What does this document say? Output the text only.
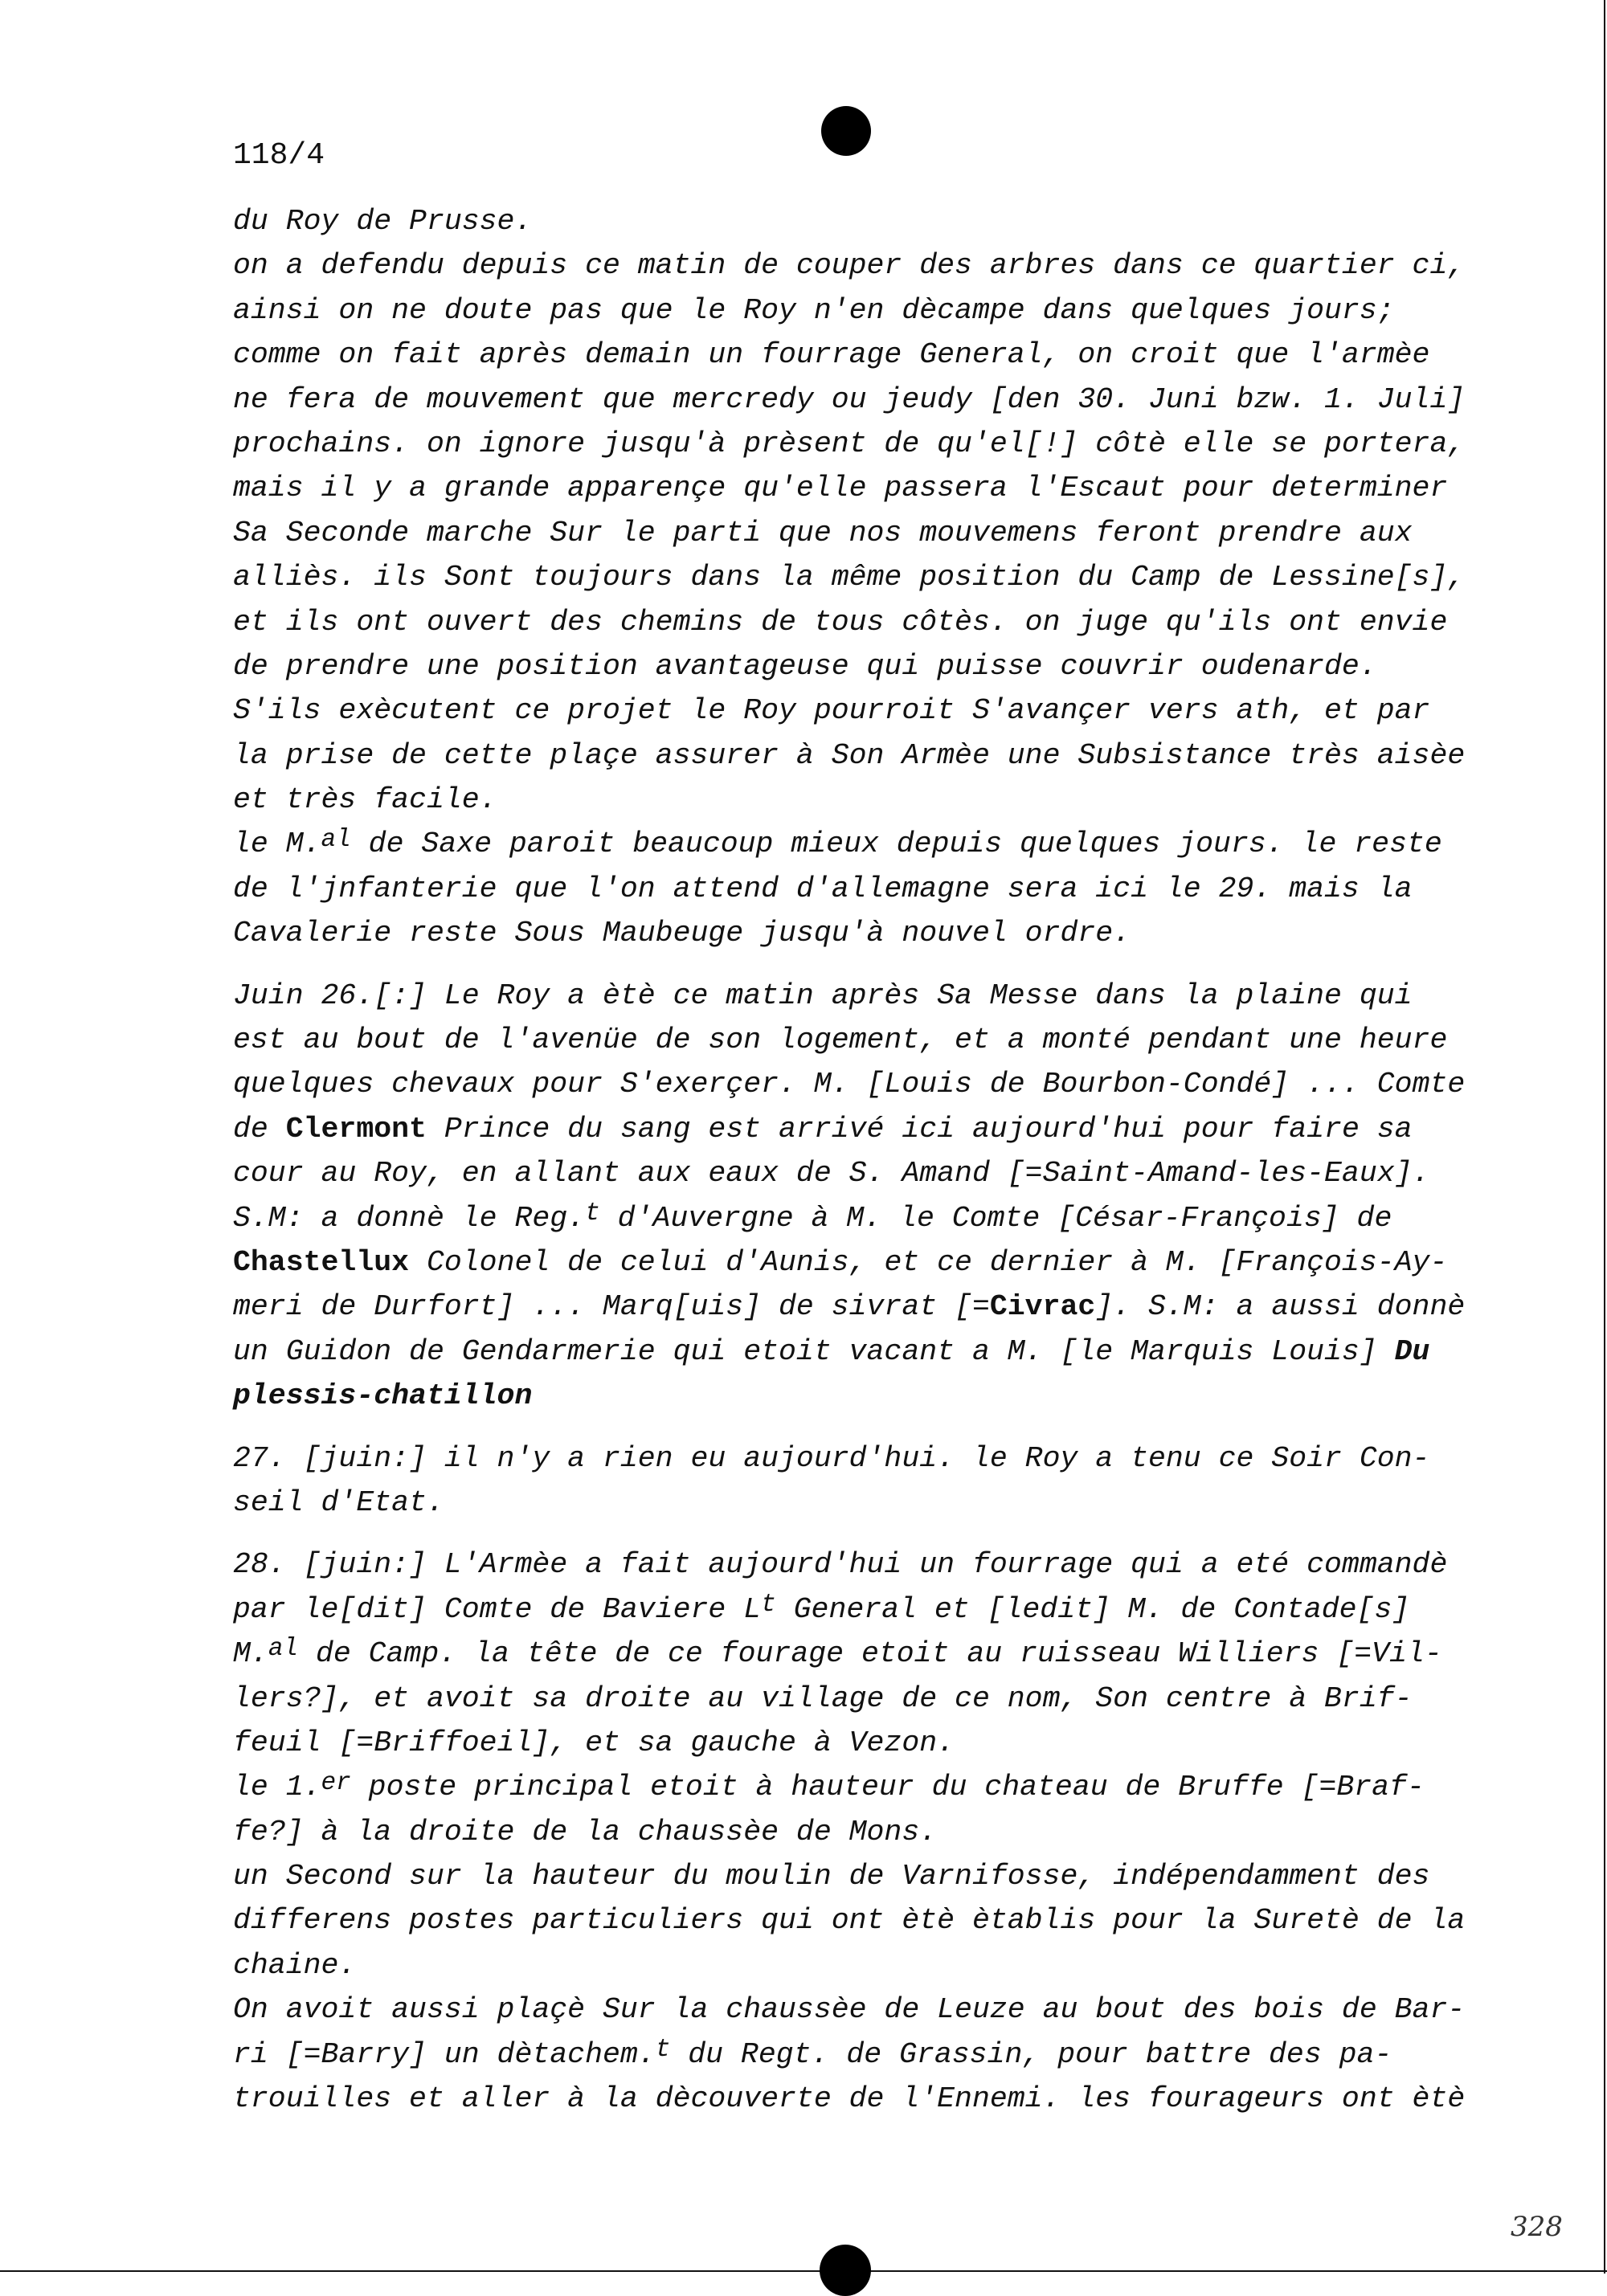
118/4
du Roy de Prusse.
on a defendu depuis ce matin de couper des arbres dans ce quartier ci,
ainsi on ne doute pas que le Roy n'en dècampe dans quelques jours;
comme on fait après demain un fourrage General, on croit que l'armèe
ne fera de mouvement que mercredy ou jeudy [den 30. Juni bzw. 1. Juli]
prochains. on ignore jusqu'à prèsent de qu'el[!] côtè elle se portera,
mais il y a grande apparençe qu'elle passera l'Escaut pour determiner
Sa Seconde marche Sur le parti que nos mouvemens feront prendre aux
alliès. ils Sont toujours dans la même position du Camp de Lessine[s],
et ils ont ouvert des chemins de tous côtès. on juge qu'ils ont envie
de prendre une position avantageuse qui puisse couvrir oudenarde.
S'ils exècutent ce projet le Roy pourroit S'avançer vers ath, et par
la prise de cette plaçe assurer à Son Armèe une Subsistance très aisèe
et très facile.
le M.$^{al}$ de Saxe paroit beaucoup mieux depuis quelques jours. le reste
de l'jnfanterie que l'on attend d'allemagne sera ici le 29. mais la
Cavalerie reste Sous Maubeuge jusqu'à nouvel ordre.
Juin 26.[:] Le Roy a ètè ce matin après Sa Messe dans la plaine qui
est au bout de l'avenüe de son logement, et a monté pendant une heure
quelques chevaux pour S'exerçer. M. [Louis de Bourbon-Condé] ... Comte
de Clermont Prince du sang est arrivé ici aujourd'hui pour faire sa
cour au Roy, en allant aux eaux de S. Amand [=Saint-Amand-les-Eaux].
S.M: a donnè le Reg.$^t$ d'Auvergne à M. le Comte [César-François] de
Chastellux Colonel de celui d'Aunis, et ce dernier à M. [François-Ay-
meri de Durfort] ... Marq[uis] de sivrat [=Civrac]. S.M: a aussi donnè
un Guidon de Gendarmerie qui etoit vacant a M. [le Marquis Louis] Du
plessis-chatillon
27. [juin:] il n'y a rien eu aujourd'hui. le Roy a tenu ce Soir Con-
seil d'Etat.
28. [juin:] L'Armèe a fait aujourd'hui un fourrage qui a eté commandè
par le[dit] Comte de Baviere $L^t$ General et [ledit] M. de Contade[s]
M.$^{al}$ de Camp. la tête de ce fourage etoit au ruisseau Williers [=Vil-
lers?], et avoit sa droite au village de ce nom, Son centre à Brif-
feuil [=Briffoeil], et sa gauche à Vezon.
le 1.$^{er}$ poste principal etoit à hauteur du chateau de Bruffe [=Braf-
fe?] à la droite de la chaussèe de Mons.
un Second sur la hauteur du moulin de Varnifosse, indépendamment des
differens postes particuliers qui ont ètè ètablis pour la Suretè de la
chaine.
On avoit aussi plaçè Sur la chaussèe de Leuze au bout des bois de Bar-
ri [=Barry] un dètachem.$^t$ du Regt. de Grassin, pour battre des pa-
trouilles et aller à la dècouverte de l'Ennemi. les fourageurs ont ètè
328
